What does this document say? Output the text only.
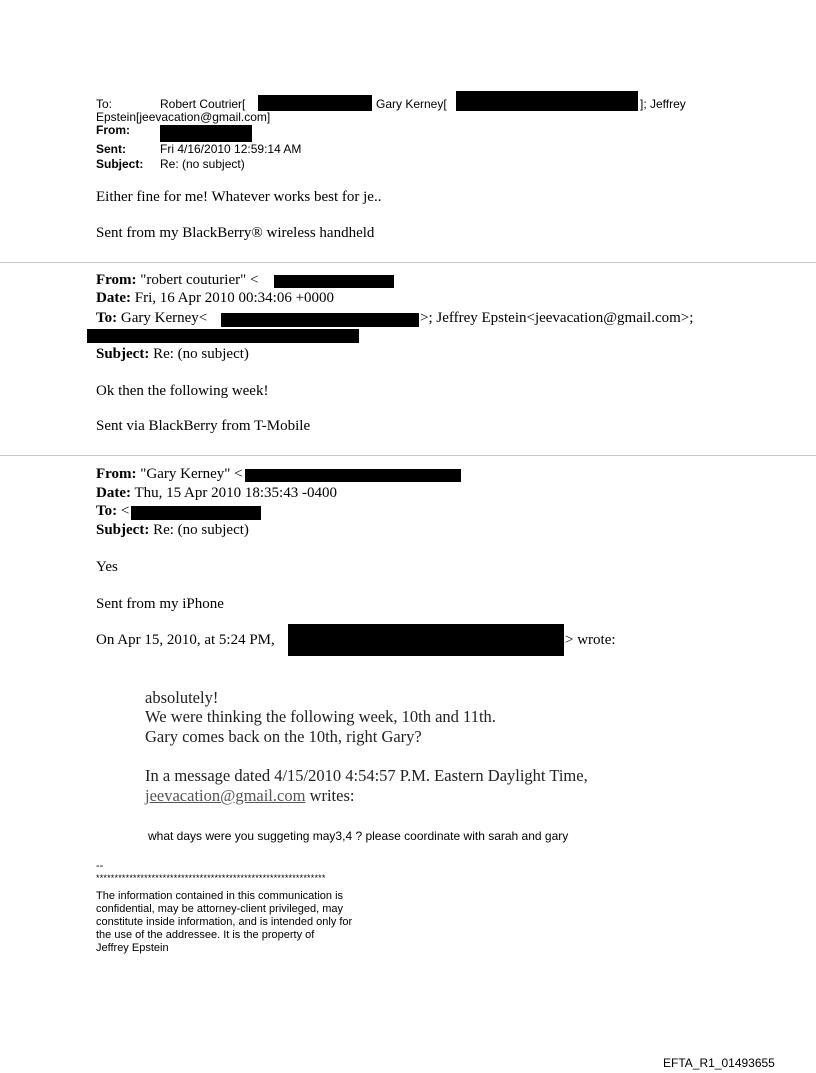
To:	Robert Coutrier[	Gary Kerney[	]; Jeffrey
Epstein[jeevacation@gmail.com]
From:
Sent:	Fri 4/16/2010 12:59:14 AM
Subject: Re: (no subject)
Either fine for me! Whatever works best for je..
Sent from my BlackBerry® wireless handheld
From: "robert couturier" <
Date: Fri, 16 Apr 2010 00:34:06 +0000
To: Gary Kerney<	>; Jeffrey Epstein<jeevacation@gmail.com>;
Subject: Re: (no subject)
Ok then the following week!
Sent via BlackBerry from T-Mobile
From: "Gary Kerney" <
Date: Thu, 15 Apr 2010 18:35:43 -0400
To: <
Subject: Re: (no subject)
Yes
Sent from my iPhone
On Apr 15, 2010, at 5:24 PM,	> wrote:
absolutely!
We were thinking the following week, 10th and 11th.
Gary comes back on the 10th, right Gary?
In a message dated 4/15/2010 4:54:57 P.M. Eastern Daylight Time,
jeevacation@gmail.com writes:
what days were you suggeting may3,4 ? please coordinate with sarah and gary
--
**************************************************************
The information contained in this communication is
confidential, may be attorney-client privileged, may
constitute inside information, and is intended only for
the use of the addressee. It is the property of
Jeffrey Epstein
EFTA_R1_01493655
